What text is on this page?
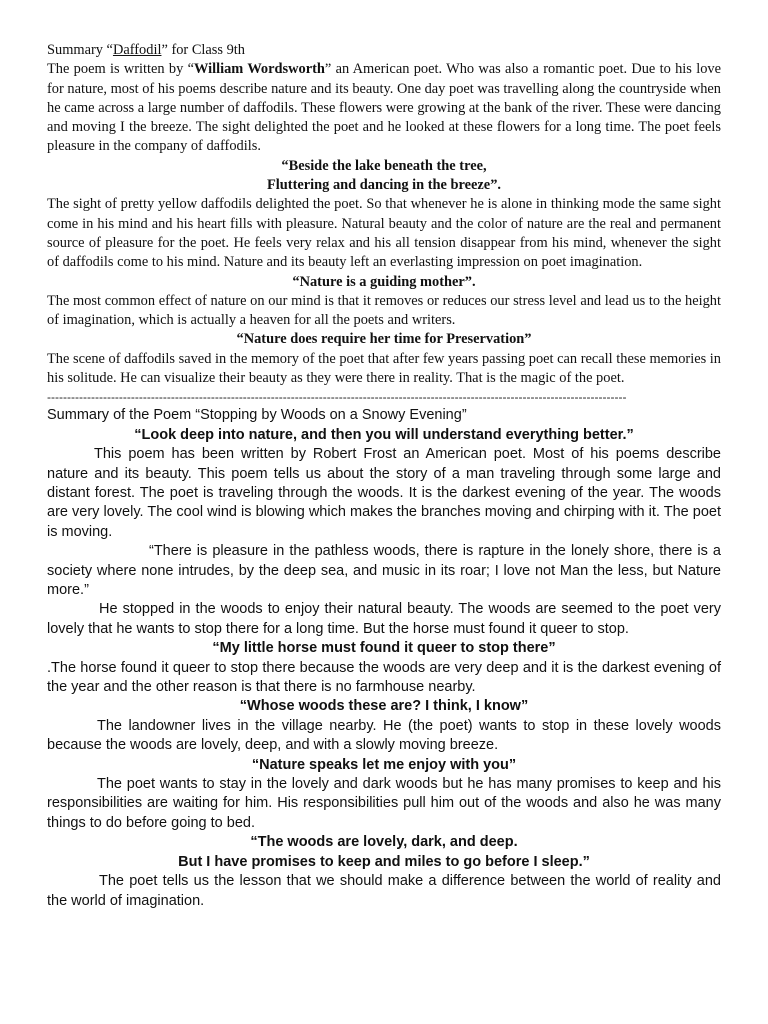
Summary “Daffodil” for Class 9th

The poem is written by “William Wordsworth” an American poet. Who was also a romantic poet. Due to his love for nature, most of his poems describe nature and its beauty. One day poet was travelling along the countryside when he came across a large number of daffodils. These flowers were growing at the bank of the river. These were dancing and moving I the breeze. The sight delighted the poet and he looked at these flowers for a long time. The poet feels pleasure in the company of daffodils.

“Beside the lake beneath the tree,
Fluttering and dancing in the breeze”.

The sight of pretty yellow daffodils delighted the poet. So that whenever he is alone in thinking mode the same sight come in his mind and his heart fills with pleasure. Natural beauty and the color of nature are the real and permanent source of pleasure for the poet. He feels very relax and his all tension disappear from his mind, whenever the sight of daffodils come to his mind. Nature and its beauty left an everlasting impression on poet imagination.

“Nature is a guiding mother”.

The most common effect of nature on our mind is that it removes or reduces our stress level and lead us to the height of imagination, which is actually a heaven for all the poets and writers.

“Nature does require her time for Preservation”

The scene of daffodils saved in the memory of the poet that after few years passing poet can recall these memories in his solitude. He can visualize their beauty as they were there in reality. That is the magic of the poet.

-------------------------------------------------------------------------------------------------------------------------------------------------
Summary of the Poem “Stopping by Woods on a Snowy Evening”
“Look deep into nature, and then you will understand everything better.”

This poem has been written by Robert Frost an American poet. Most of his poems describe nature and its beauty. This poem tells us about the story of a man traveling through some large and distant forest. The poet is traveling through the woods. It is the darkest evening of the year. The woods are very lovely. The cool wind is blowing which makes the branches moving and chirping with it. The poet is moving.

“There is pleasure in the pathless woods, there is rapture in the lonely shore, there is a society where none intrudes, by the deep sea, and music in its roar; I love not Man the less, but Nature more.”

He stopped in the woods to enjoy their natural beauty. The woods are seemed to the poet very lovely that he wants to stop there for a long time. But the horse must found it queer to stop.

“My little horse must found it queer to stop there”

.The horse found it queer to stop there because the woods are very deep and it is the darkest evening of the year and the other reason is that there is no farmhouse nearby.

“Whose woods these are? I think, I know”

The landowner lives in the village nearby. He (the poet) wants to stop in these lovely woods because the woods are lovely, deep, and with a slowly moving breeze.

“Nature speaks let me enjoy with you”

The poet wants to stay in the lovely and dark woods but he has many promises to keep and his responsibilities are waiting for him. His responsibilities pull him out of the woods and also he was many things to do before going to bed.

“The woods are lovely, dark, and deep.
But I have promises to keep and miles to go before I sleep.”

The poet tells us the lesson that we should make a difference between the world of reality and the world of imagination.
